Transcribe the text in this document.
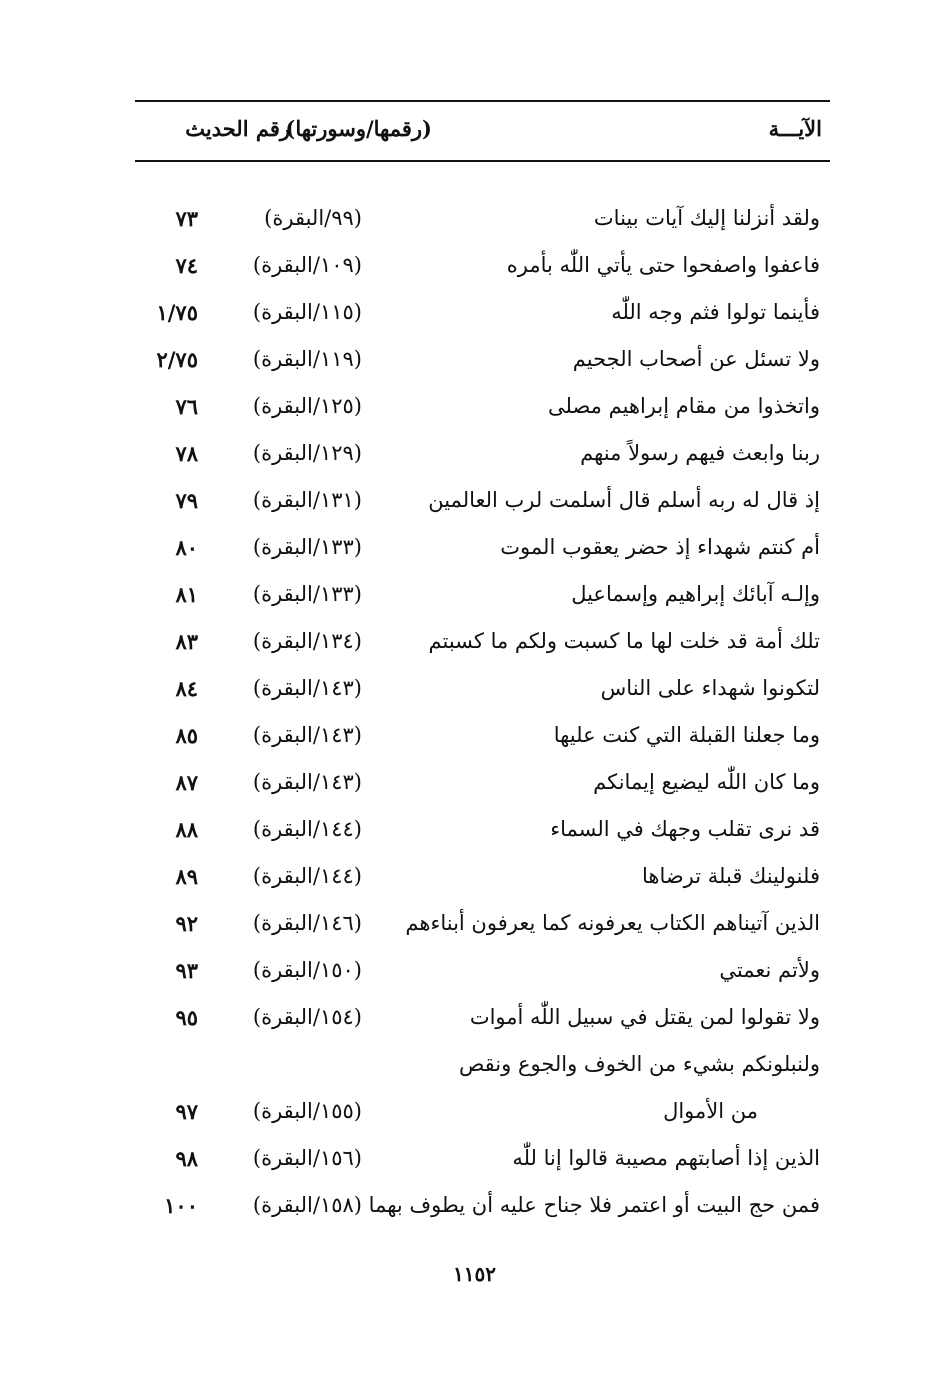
الآيـــة
(رقمها/وسورتها)
رقم الحديث
ولقد أنزلنا إليك آيات بينات
(٩٩/البقرة)
٧٣
فاعفوا واصفحوا حتى يأتي اللّٰه بأمره
(١٠٩/البقرة)
٧٤
فأينما تولوا فثم وجه اللّٰه
(١١٥/البقرة)
١/٧٥
ولا تسئل عن أصحاب الجحيم
(١١٩/البقرة)
٢/٧٥
واتخذوا من مقام إبراهيم مصلى
(١٢٥/البقرة)
٧٦
ربنا وابعث فيهم رسولاً منهم
(١٢٩/البقرة)
٧٨
إذ قال له ربه أسلم قال أسلمت لرب العالمين
(١٣١/البقرة)
٧٩
أم كنتم شهداء إذ حضر يعقوب الموت
(١٣٣/البقرة)
٨٠
وإلـه آبائك إبراهيم وإسماعيل
(١٣٣/البقرة)
٨١
تلك أمة قد خلت لها ما كسبت ولكم ما كسبتم
(١٣٤/البقرة)
٨٣
لتكونوا شهداء على الناس
(١٤٣/البقرة)
٨٤
وما جعلنا القبلة التي كنت عليها
(١٤٣/البقرة)
٨٥
وما كان اللّٰه ليضيع إيمانكم
(١٤٣/البقرة)
٨٧
قد نرى تقلب وجهك في السماء
(١٤٤/البقرة)
٨٨
فلنولينك قبلة ترضاها
(١٤٤/البقرة)
٨٩
الذين آتيناهم الكتاب يعرفونه كما يعرفون أبناءهم
(١٤٦/البقرة)
٩٢
ولأتم نعمتي
(١٥٠/البقرة)
٩٣
ولا تقولوا لمن يقتل في سبيل اللّٰه أموات
(١٥٤/البقرة)
٩٥
ولنبلونكم بشيء من الخوف والجوع ونقص
من الأموال
(١٥٥/البقرة)
٩٧
الذين إذا أصابتهم مصيبة قالوا إنا للّٰه
(١٥٦/البقرة)
٩٨
فمن حج البيت أو اعتمر فلا جناح عليه أن يطوف بهما
(١٥٨/البقرة)
١٠٠
١١٥٢
